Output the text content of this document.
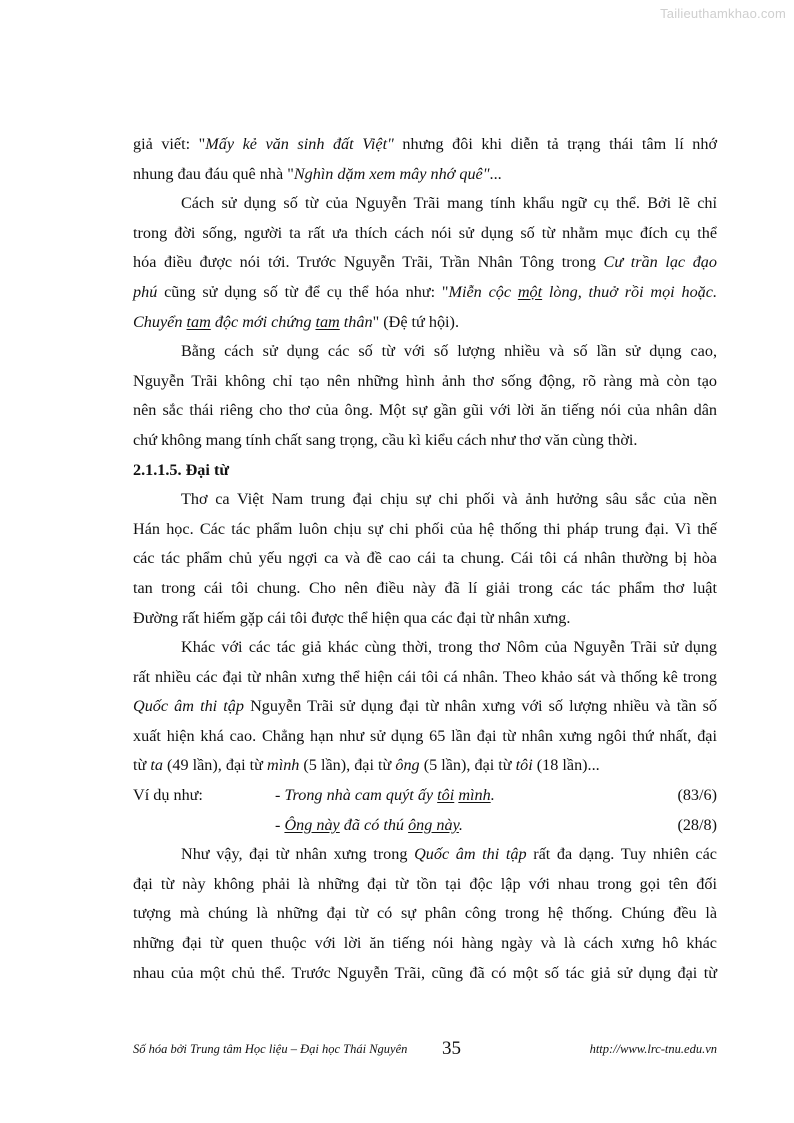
Tailieuthamkhao.com

giả viết: "Mấy kẻ văn sinh đất Việt" nhưng đôi khi diễn tả trạng thái tâm lí nhớ
nhung đau đáu quê nhà "Nghìn dặm xem mây nhớ quê"...

Cách sử dụng số từ của Nguyễn Trãi mang tính khẩu ngữ cụ thể. Bởi lẽ chỉ
trong đời sống, người ta rất ưa thích cách nói sử dụng số từ nhằm mục đích cụ thể
hóa điều được nói tới. Trước Nguyễn Trãi, Trần Nhân Tông trong Cư trần lạc đạo
phú cũng sử dụng số từ để cụ thể hóa như: "Miễn cộc một lòng, thuở rồi mọi hoặc.
Chuyển tam độc mới chứng tam thân" (Đệ tứ hội).

Bằng cách sử dụng các số từ với số lượng nhiều và số lần sử dụng cao,
Nguyễn Trãi không chỉ tạo nên những hình ảnh thơ sống động, rõ ràng mà còn tạo
nên sắc thái riêng cho thơ của ông. Một sự gần gũi với lời ăn tiếng nói của nhân dân
chứ không mang tính chất sang trọng, cầu kì kiểu cách như thơ văn cùng thời.

2.1.1.5. Đại từ

Thơ ca Việt Nam trung đại chịu sự chi phối và ảnh hưởng sâu sắc của nền
Hán học. Các tác phẩm luôn chịu sự chi phối của hệ thống thi pháp trung đại. Vì thế
các tác phẩm chủ yếu ngợi ca và đề cao cái ta chung. Cái tôi cá nhân thường bị hòa
tan trong cái tôi chung. Cho nên điều này đã lí giải trong các tác phẩm thơ luật
Đường rất hiếm gặp cái tôi được thể hiện qua các đại từ nhân xưng.

Khác với các tác giả khác cùng thời, trong thơ Nôm của Nguyễn Trãi sử dụng
rất nhiều các đại từ nhân xưng thể hiện cái tôi cá nhân. Theo khảo sát và thống kê trong
Quốc âm thi tập Nguyễn Trãi sử dụng đại từ nhân xưng với số lượng nhiều và tần số
xuất hiện khá cao. Chẳng hạn như sử dụng 65 lần đại từ nhân xưng ngôi thứ nhất, đại
từ ta (49 lần), đại từ mình (5 lần), đại từ ông (5 lần), đại từ tôi (18 lần)...

Ví dụ như:	- Trong nhà cam quýt ấy tôi mình.	(83/6)
- Ông này đã có thú ông này.	(28/8)

Như vậy, đại từ nhân xưng trong Quốc âm thi tập rất đa dạng. Tuy nhiên các
đại từ này không phải là những đại từ tồn tại độc lập với nhau trong gọi tên đối
tượng mà chúng là những đại từ có sự phân công trong hệ thống. Chúng đều là
những đại từ quen thuộc với lời ăn tiếng nói hàng ngày và là cách xưng hô khác
nhau của một chủ thể. Trước Nguyễn Trãi, cũng đã có một số tác giả sử dụng đại từ

Số hóa bởi Trung tâm Học liệu – Đại học Thái Nguyên 35	http://www.lrc-tnu.edu.vn
